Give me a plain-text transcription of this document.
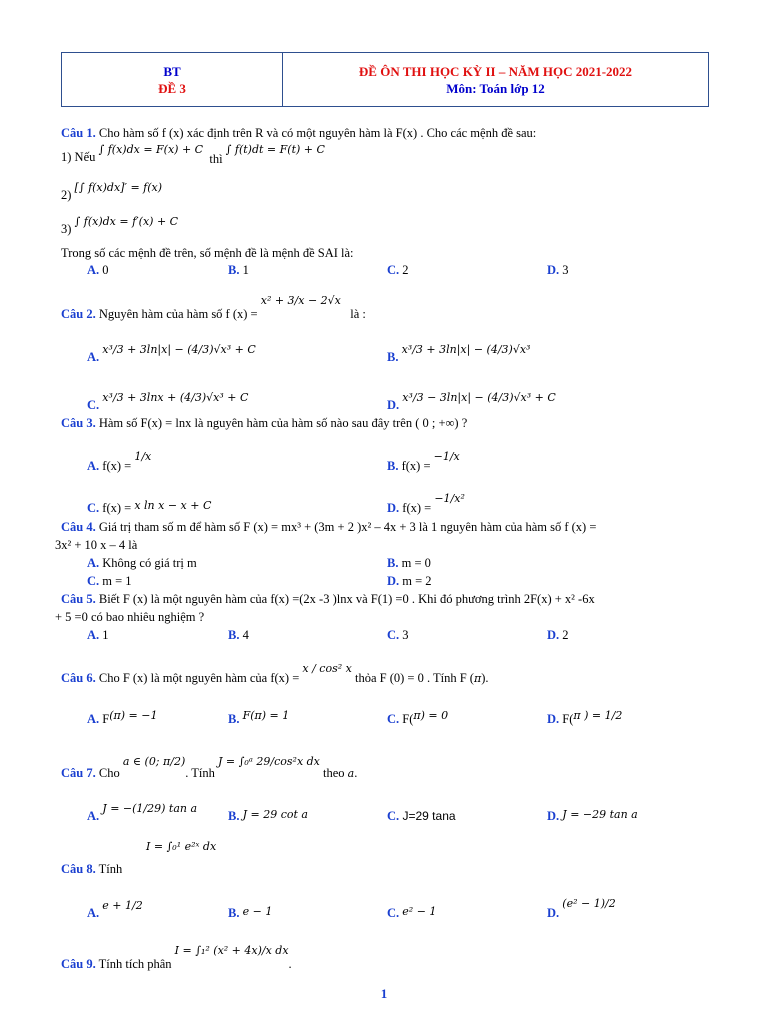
BT
ĐỀ 3
ĐỀ ÔN THI HỌC KỲ II – NĂM HỌC 2021-2022
Môn: Toán lớp 12
Câu 1. Cho hàm số f (x) xác định trên R và có một nguyên hàm là F(x) . Cho các mệnh đề sau:
1) Nếu ∫ f(x)dx = F(x) + C  thì ∫ f(t)dt = F(t) + C
2) [∫ f(x)dx]′ = f(x)
3) ∫ f(x)dx = f′(x) + C
Trong số các mệnh đề trên, số mệnh đề là mệnh đề SAI là:
A. 0	B. 1	C. 2	D. 3
Câu 2. Nguyên hàm của hàm số f (x) = x² + 3/x − 2√x   là :
A. x³/3 + 3ln|x| − (4/3)√x³ + C
B. x³/3 + 3ln|x| − (4/3)√x³
C. x³/3 + 3lnx + (4/3)√x³ + C
D. x³/3 − 3ln|x| − (4/3)√x³ + C
Câu 3. Hàm số F(x) = lnx là nguyên hàm của hàm số nào sau đây trên ( 0 ; +∞) ?
A. f(x) = 1/x
B. f(x) = −1/x
C. f(x) = x ln x − x + C	D. f(x) = −1/x²
Câu 4. Giá trị tham số m để hàm số F (x) = mx³ + (3m + 2 )x² – 4x + 3 là 1 nguyên hàm của hàm số f (x) =
3x² + 10 x – 4 là
A. Không có giá trị m	B. m = 0
C. m = 1	D. m = 2
Câu 5. Biết F (x) là một nguyên hàm của f(x) =(2x -3 )lnx và F(1) =0 . Khi đó phương trình 2F(x) + x² -6x
+ 5 =0 có bao nhiêu nghiệm ?
A. 1	B. 4	C. 3	D. 2
Câu 6. Cho F (x) là một nguyên hàm của f(x) = x / cos² x thỏa F (0) = 0 . Tính F (π).
A. F(π) = −1	B. F(π) = 1	C. F(π) = 0	D. F(π ) = 1/2
Câu 7. Cho a ∈ (0; π/2). Tính J = ∫₀ᵃ 29/cos²x dx theo a.
A. J = −(1/29) tan a
B. J = 29 cot a	C. J=29 tana	D. J = −29 tan a
Câu 8. Tính
I = ∫₀¹ e²ˣ dx
A. e + 1/2
B. e − 1	C. e² − 1	D. (e² − 1)/2
Câu 9. Tính tích phân I = ∫₁² (x² + 4x)/x dx.
1
